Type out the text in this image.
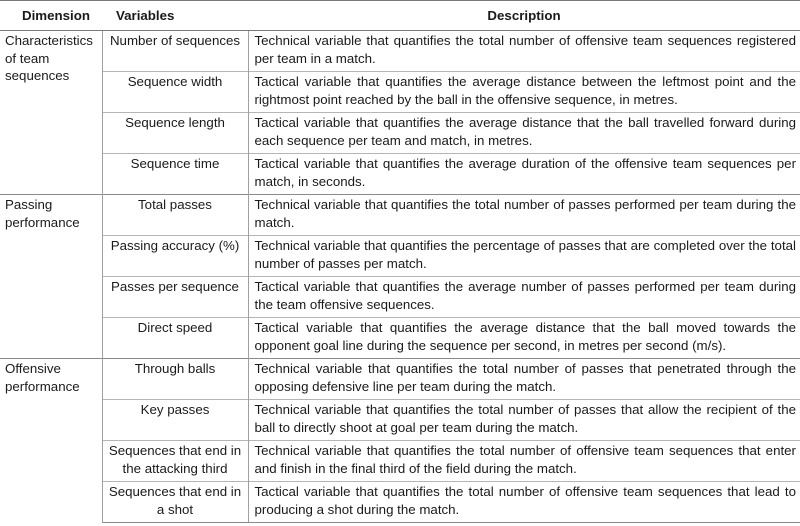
Dimension	Variables	Description
Characteristics of team sequences	Number of sequences	Technical variable that quantifies the total number of offensive team sequences registered per team in a match.
	Sequence width	Tactical variable that quantifies the average distance between the leftmost point and the rightmost point reached by the ball in the offensive sequence, in metres.
	Sequence length	Tactical variable that quantifies the average distance that the ball travelled forward during each sequence per team and match, in metres.
	Sequence time	Tactical variable that quantifies the average duration of the offensive team sequences per match, in seconds.
Passing performance	Total passes	Technical variable that quantifies the total number of passes performed per team during the match.
	Passing accuracy (%)	Technical variable that quantifies the percentage of passes that are completed over the total number of passes per match.
	Passes per sequence	Tactical variable that quantifies the average number of passes performed per team during the team offensive sequences.
	Direct speed	Tactical variable that quantifies the average distance that the ball moved towards the opponent goal line during the sequence per second, in metres per second (m/s).
Offensive performance	Through balls	Technical variable that quantifies the total number of passes that penetrated through the opposing defensive line per team during the match.
	Key passes	Technical variable that quantifies the total number of passes that allow the recipient of the ball to directly shoot at goal per team during the match.
	Sequences that end in the attacking third	Technical variable that quantifies the total number of offensive team sequences that enter and finish in the final third of the field during the match.
	Sequences that end in a shot	Tactical variable that quantifies the total number of offensive team sequences that lead to producing a shot during the match.
